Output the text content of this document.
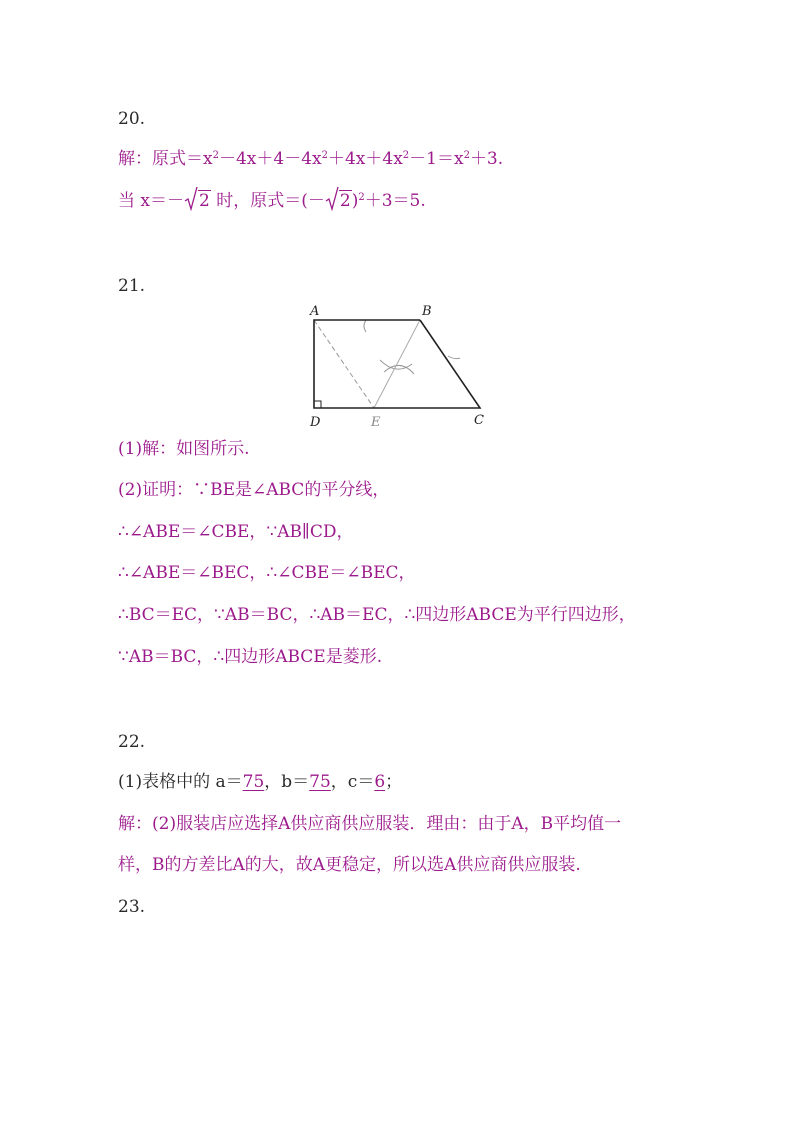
20.
解：原式$=x^2-4x+4-4x^2+4x+4x^2-1=x^2+3$.
当 x＝－ 2 时，原式＝(－ 2)$^2$＋3＝5.
21.
A	B
C
D	E
(1)解：如图所示.
(2)证明：∵BE是∠ABC的平分线，
∴∠ABE＝∠CBE，∵AB∥CD，
∴∠ABE＝∠BEC，∴∠CBE＝∠BEC，
∴BC＝EC，∵AB＝BC，∴AB＝EC，∴四边形ABCE为平行四边形，
∵AB＝BC，∴四边形ABCE是菱形.
22.
(1)表格中的 a＝75，b＝75，c＝6；
解：(2)服装店应选择A供应商供应服装．理由：由于A，B平均值一
样，B的方差比A的大，故A更稳定，所以选A供应商供应服装.
23.
